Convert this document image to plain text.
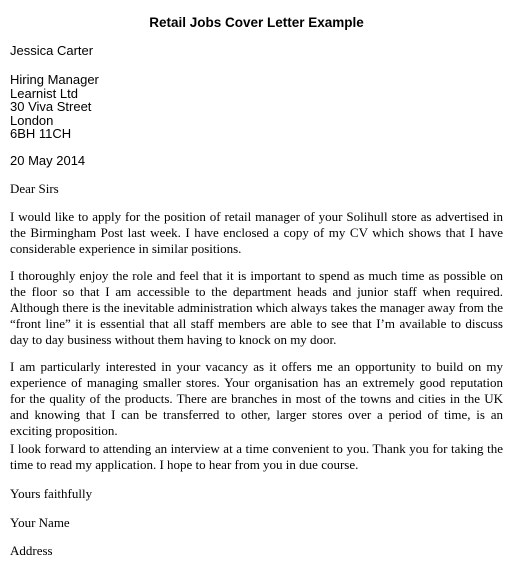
Retail Jobs Cover Letter Example
Jessica Carter
Hiring Manager
Learnist Ltd
30 Viva Street
London
6BH 11CH
20 May 2014
Dear Sirs

I would like to apply for the position of retail manager of your Solihull store as advertised in the Birmingham Post last week. I have enclosed a copy of my CV which shows that I have considerable experience in similar positions.

I thoroughly enjoy the role and feel that it is important to spend as much time as possible on the floor so that I am accessible to the department heads and junior staff when required. Although there is the inevitable administration which always takes the manager away from the “front line” it is essential that all staff members are able to see that I’m available to discuss day to day business without them having to knock on my door.

I am particularly interested in your vacancy as it offers me an opportunity to build on my experience of managing smaller stores. Your organisation has an extremely good reputation for the quality of the products. There are branches in most of the towns and cities in the UK and knowing that I can be transferred to other, larger stores over a period of time, is an exciting proposition.

I look forward to attending an interview at a time convenient to you. Thank you for taking the time to read my application. I hope to hear from you in due course.

Yours faithfully
Your Name
Address
